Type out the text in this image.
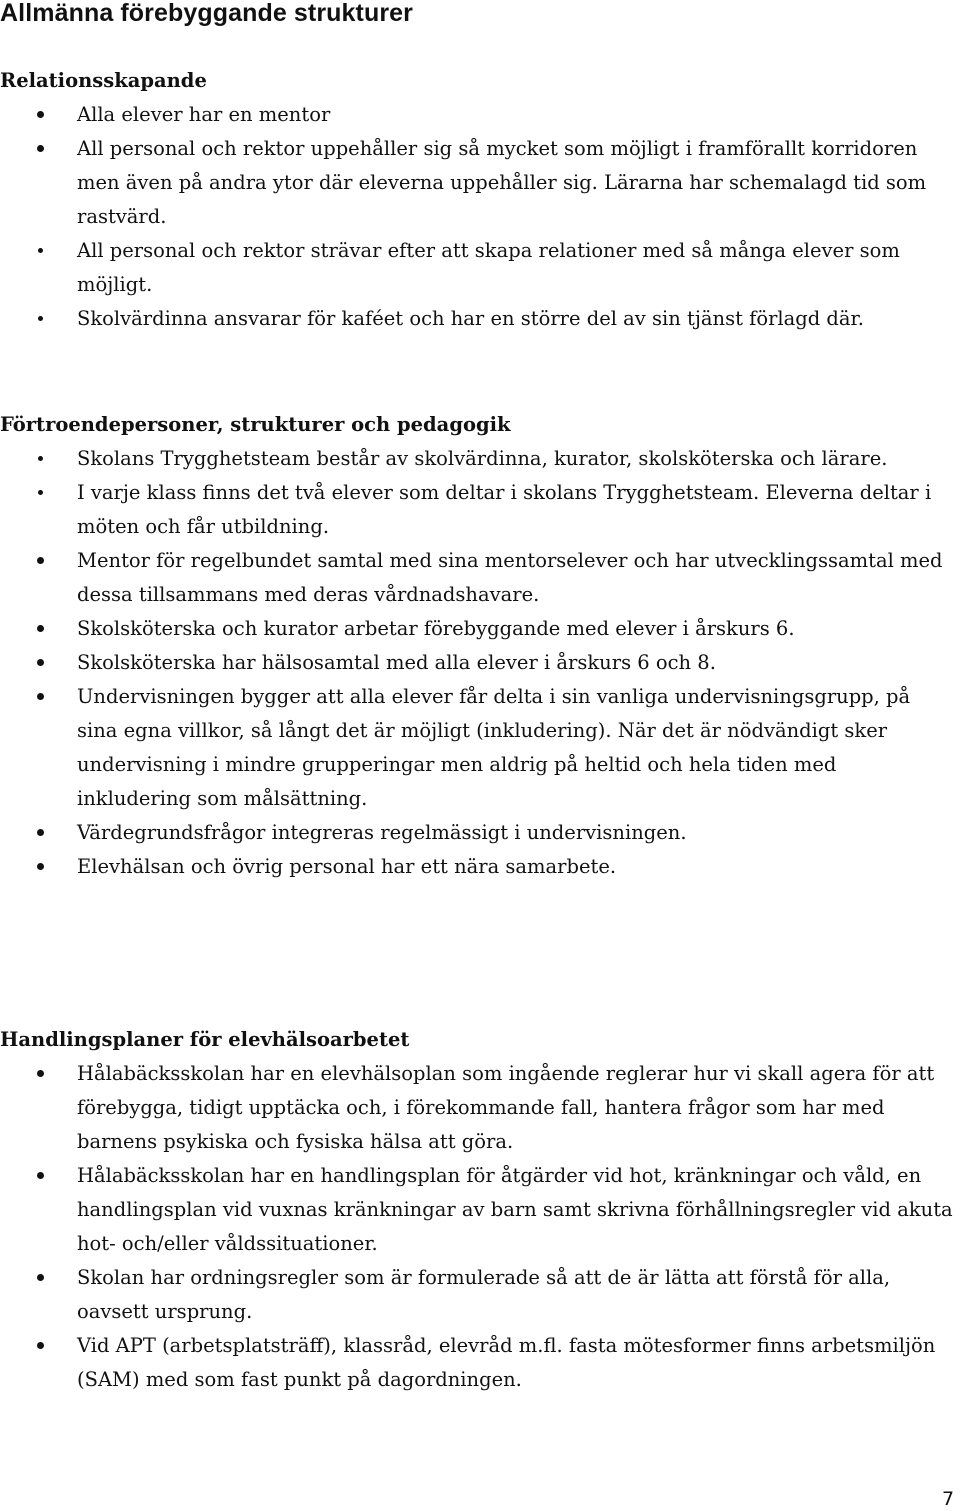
Allmänna förebyggande strukturer
Relationsskapande
Alla elever har en mentor
All personal och rektor uppehåller sig så mycket som möjligt i framförallt korridoren men även på andra ytor där eleverna uppehåller sig. Lärarna har schemalagd tid som rastvärd.
All personal och rektor strävar efter att skapa relationer med så många elever som möjligt.
Skolvärdinna ansvarar för kaféet och har en större del av sin tjänst förlagd där.
Förtroendepersoner, strukturer och pedagogik
Skolans Trygghetsteam består av skolvärdinna, kurator, skolsköterska och lärare.
I varje klass finns det två elever som deltar i skolans Trygghetsteam. Eleverna deltar i möten och får utbildning.
Mentor för regelbundet samtal med sina mentorselever och har utvecklingssamtal med dessa tillsammans med deras vårdnadshavare.
Skolsköterska och kurator arbetar förebyggande med elever i årskurs 6.
Skolsköterska har hälsosamtal med alla elever i årskurs 6 och 8.
Undervisningen bygger att alla elever får delta i sin vanliga undervisningsgrupp, på sina egna villkor, så långt det är möjligt (inkludering). När det är nödvändigt sker undervisning i mindre grupperingar men aldrig på heltid och hela tiden med inkludering som målsättning.
Värdegrundsfrågor integreras regelmässigt i undervisningen.
Elevhälsan och övrig personal har ett nära samarbete.
Handlingsplaner för elevhälsoarbetet
Hålabäcksskolan har en elevhälsoplan som ingående reglerar hur vi skall agera för att förebygga, tidigt upptäcka och, i förekommande fall, hantera frågor som har med barnens psykiska och fysiska hälsa att göra.
Hålabäcksskolan har en handlingsplan för åtgärder vid hot, kränkningar och våld, en handlingsplan vid vuxnas kränkningar av barn samt skrivna förhållningsregler vid akuta hot- och/eller våldssituationer.
Skolan har ordningsregler som är formulerade så att de är lätta att förstå för alla, oavsett ursprung.
Vid APT (arbetsplatsträff), klassråd, elevråd m.fl. fasta mötesformer finns arbetsmiljön (SAM) med som fast punkt på dagordningen.
7
